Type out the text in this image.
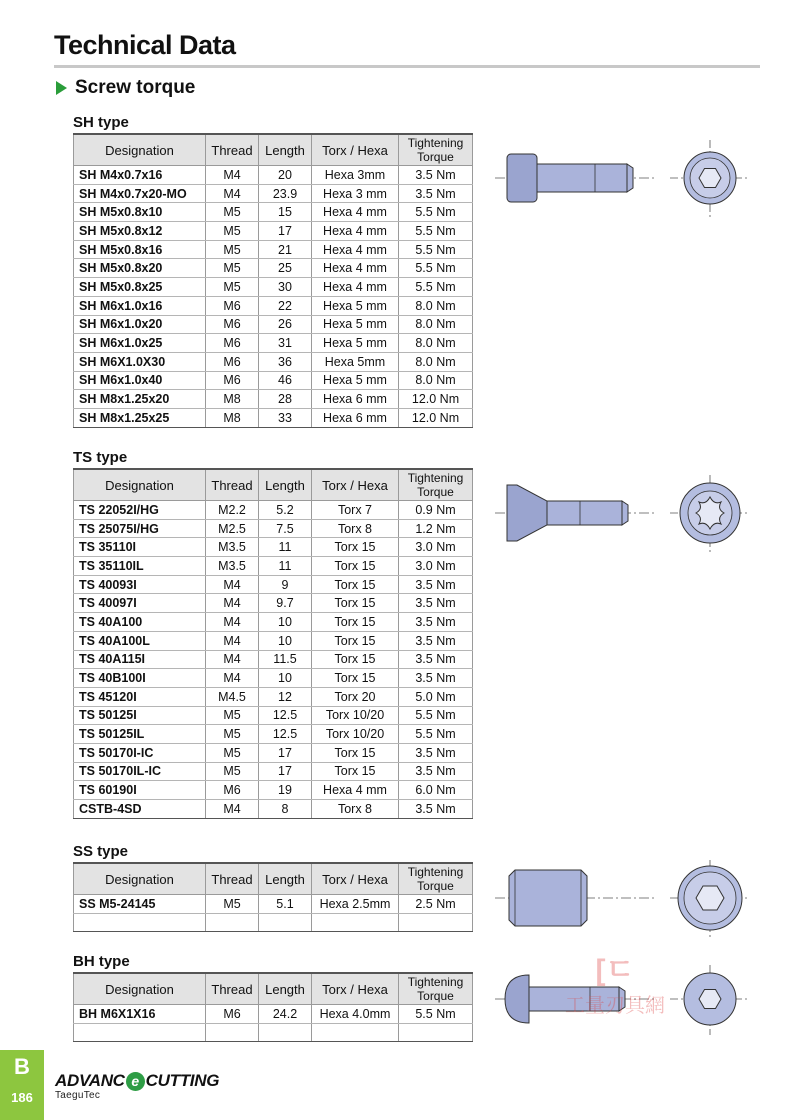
Technical Data
Screw torque
SH type
Designation	Thread	Length	Torx / Hexa	Tightening
Torque
SH M4x0.7x16	M4	20	Hexa 3mm	3.5 Nm
SH M4x0.7x20-MO	M4	23.9	Hexa 3 mm	3.5 Nm
SH M5x0.8x10	M5	15	Hexa 4 mm	5.5 Nm
SH M5x0.8x12	M5	17	Hexa 4 mm	5.5 Nm
SH M5x0.8x16	M5	21	Hexa 4 mm	5.5 Nm
SH M5x0.8x20	M5	25	Hexa 4 mm	5.5 Nm
SH M5x0.8x25	M5	30	Hexa 4 mm	5.5 Nm
SH M6x1.0x16	M6	22	Hexa 5 mm	8.0 Nm
SH M6x1.0x20	M6	26	Hexa 5 mm	8.0 Nm
SH M6x1.0x25	M6	31	Hexa 5 mm	8.0 Nm
SH M6X1.0X30	M6	36	Hexa 5mm	8.0 Nm
SH M6x1.0x40	M6	46	Hexa 5 mm	8.0 Nm
SH M8x1.25x20	M8	28	Hexa 6 mm	12.0 Nm
SH M8x1.25x25	M8	33	Hexa 6 mm	12.0 Nm
TS type
Designation	Thread	Length	Torx / Hexa	Tightening
Torque
TS 22052I/HG	M2.2	5.2	Torx 7	0.9 Nm
TS 25075I/HG	M2.5	7.5	Torx 8	1.2 Nm
TS 35110I	M3.5	11	Torx 15	3.0 Nm
TS 35110IL	M3.5	11	Torx 15	3.0 Nm
TS 40093I	M4	9	Torx 15	3.5 Nm
TS 40097I	M4	9.7	Torx 15	3.5 Nm
TS 40A100	M4	10	Torx 15	3.5 Nm
TS 40A100L	M4	10	Torx 15	3.5 Nm
TS 40A115I	M4	11.5	Torx 15	3.5 Nm
TS 40B100I	M4	10	Torx 15	3.5 Nm
TS 45120I	M4.5	12	Torx 20	5.0 Nm
TS 50125I	M5	12.5	Torx 10/20	5.5 Nm
TS 50125IL	M5	12.5	Torx 10/20	5.5 Nm
TS 50170I-IC	M5	17	Torx 15	3.5 Nm
TS 50170IL-IC	M5	17	Torx 15	3.5 Nm
TS 60190I	M6	19	Hexa 4 mm	6.0 Nm
CSTB-4SD	M4	8	Torx 8	3.5 Nm
SS type
Designation	Thread	Length	Torx / Hexa	Tightening
Torque
SS M5-24145	M5	5.1	Hexa 2.5mm	2.5 Nm

BH type
Designation	Thread	Length	Torx / Hexa	Tightening
Torque
BH M6X1X16	M6	24.2	Hexa 4.0mm	5.5 Nm

[ㄷ
工量刃具網
B
186
ADVANC e CUTTING
TaeguTec
